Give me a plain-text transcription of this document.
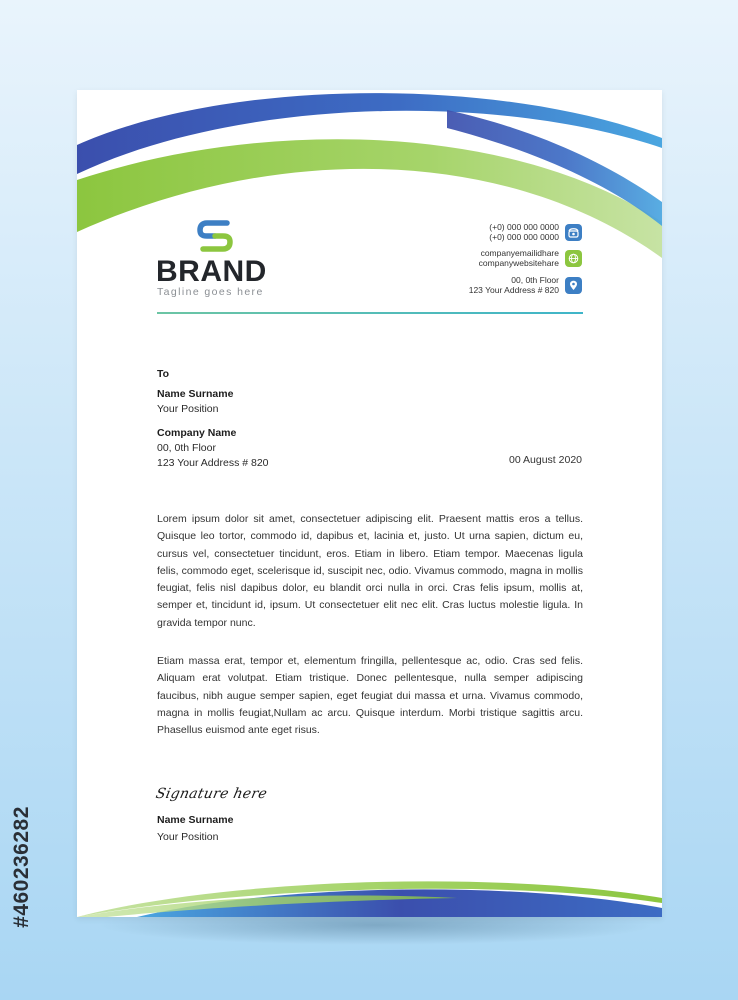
#460236282
BRAND
Tagline goes here
(+0) 000 000 0000
(+0) 000 000 0000
companyemailidhare
companywebsitehare
00, 0th Floor
123 Your Address # 820
To
Name Surname
Your Position
Company Name
00, 0th Floor
123 Your Address # 820	00 August 2020

Lorem ipsum dolor sit amet, consectetuer adipiscing elit. Praesent mattis eros a tellus. Quisque leo tortor, commodo id, dapibus et, lacinia et, justo. Ut urna sapien, dictum eu, cursus vel, consectetuer tincidunt, eros. Etiam in libero. Etiam tempor. Maecenas ligula felis, commodo eget, scelerisque id, suscipit nec, odio. Vivamus commodo, magna in mollis feugiat, felis nisl dapibus dolor, eu blandit orci nulla in orci. Cras felis ipsum, mollis at, semper et, tincidunt id, ipsum. Ut consectetuer elit nec elit. Cras luctus molestie ligula. In gravida tempor nunc.

Etiam massa erat, tempor et, elementum fringilla, pellentesque ac, odio. Cras sed felis. Aliquam erat volutpat. Etiam tristique. Donec pellentesque, nulla semper adipiscing faucibus, nibh augue semper sapien, eget feugiat dui massa et urna. Vivamus commodo, magna in mollis feugiat,Nullam ac arcu. Quisque interdum. Morbi tristique sagittis arcu. Phasellus euismod ante eget risus.

Signature here
Name Surname
Your Position
